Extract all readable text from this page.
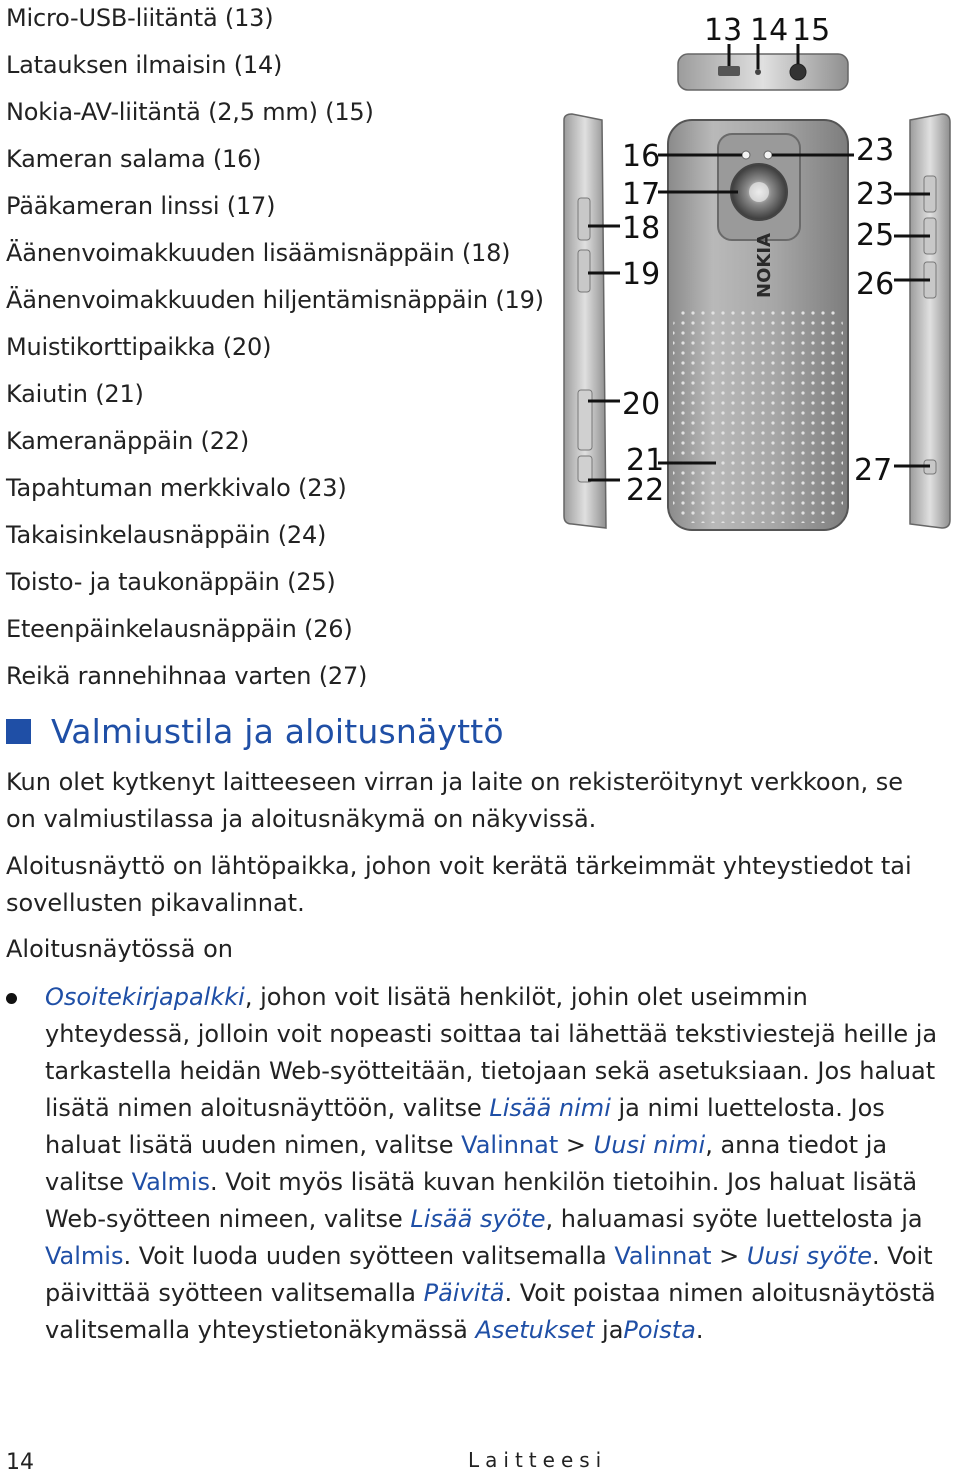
Micro-USB-liitäntä (13)
Latauksen ilmaisin (14)
Nokia-AV-liitäntä (2,5 mm) (15)
Kameran salama (16)
Pääkameran linssi (17)
Äänenvoimakkuuden lisäämisnäppäin (18)
Äänenvoimakkuuden hiljentämisnäppäin (19)
Muistikorttipaikka (20)
Kaiutin (21)
Kameranäppäin (22)
Tapahtuman merkkivalo (23)
Takaisinkelausnäppäin (24)
Toisto- ja taukonäppäin (25)
Eteenpäinkelausnäppäin (26)
Reikä rannehihnaa varten (27)
NOKIA
13 14 15
16
17
18
19
20
21
22
23
23
25
26
27
Valmiustila ja aloitusnäyttö

Kun olet kytkenyt laitteeseen virran ja laite on rekisteröitynyt verkkoon, se on valmiustilassa ja aloitusnäkymä on näkyvissä.

Aloitusnäyttö on lähtöpaikka, johon voit kerätä tärkeimmät yhteystiedot tai sovellusten pikavalinnat.

Aloitusnäytössä on

Osoitekirjapalkki, johon voit lisätä henkilöt, johin olet useimmin yhteydessä, jolloin voit nopeasti soittaa tai lähettää tekstiviestejä heille ja tarkastella heidän Web-syötteitään, tietojaan sekä asetuksiaan. Jos haluat lisätä nimen aloitusnäyttöön, valitse Lisää nimi ja nimi luettelosta. Jos haluat lisätä uuden nimen, valitse Valinnat > Uusi nimi, anna tiedot ja valitse Valmis. Voit myös lisätä kuvan henkilön tietoihin. Jos haluat lisätä Web-syötteen nimeen, valitse Lisää syöte, haluamasi syöte luettelosta ja Valmis. Voit luoda uuden syötteen valitsemalla Valinnat > Uusi syöte. Voit päivittää syötteen valitsemalla Päivitä. Voit poistaa nimen aloitusnäytöstä valitsemalla yhteystietonäkymässä Asetukset jaPoista.

14	Laitteesi
